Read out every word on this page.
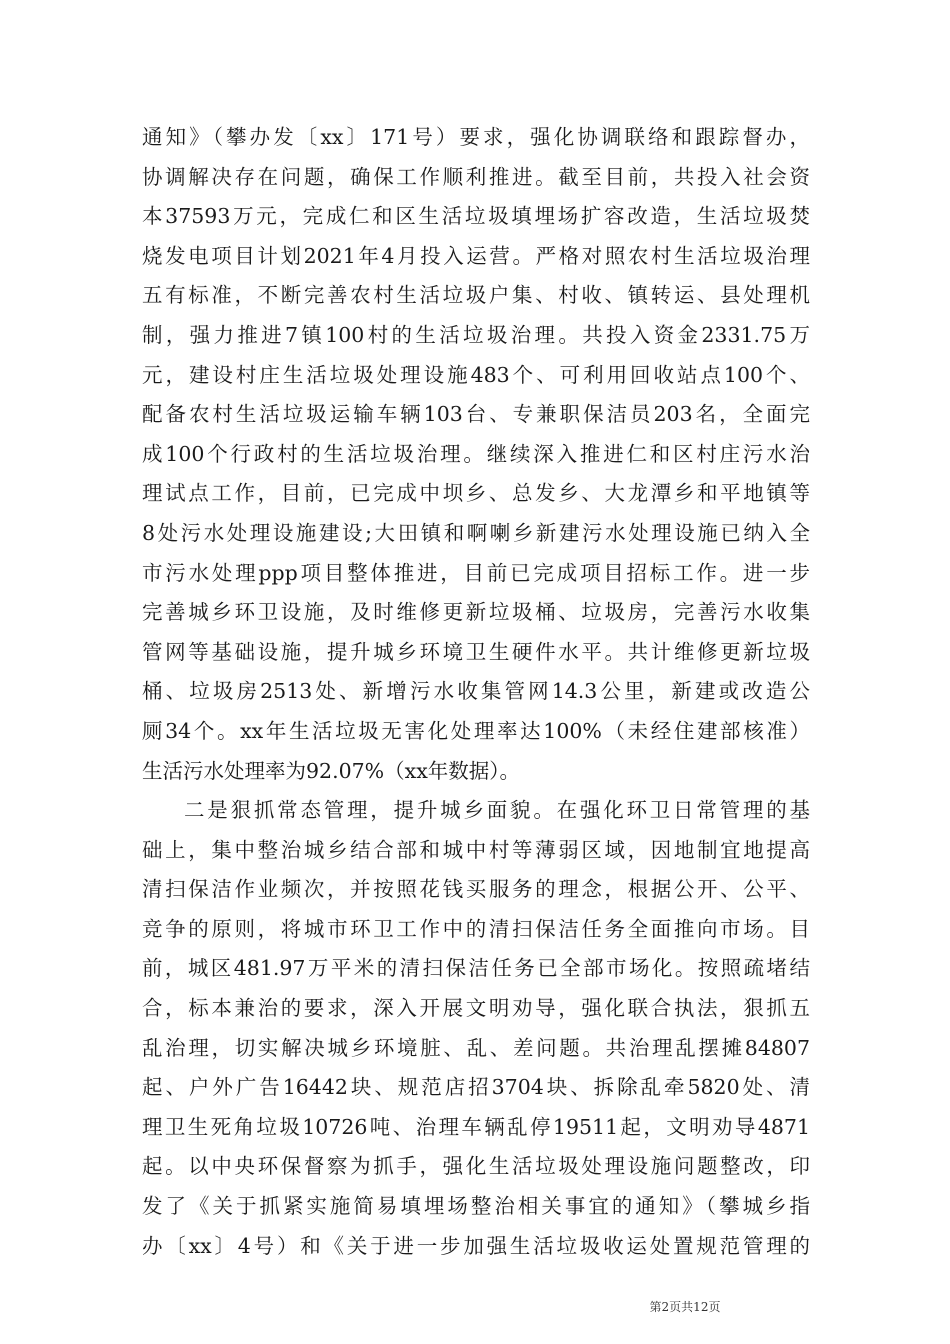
通知》（攀办发〔xx〕171号）要求，强化协调联络和跟踪督办，
协调解决存在问题，确保工作顺利推进。截至目前，共投入社会资
本37593万元，完成仁和区生活垃圾填埋场扩容改造，生活垃圾焚
烧发电项目计划2021年4月投入运营。严格对照农村生活垃圾治理
五有标准，不断完善农村生活垃圾户集、村收、镇转运、县处理机
制，强力推进7镇100村的生活垃圾治理。共投入资金2331.75万
元，建设村庄生活垃圾处理设施483个、可利用回收站点100个、
配备农村生活垃圾运输车辆103台、专兼职保洁员203名，全面完
成100个行政村的生活垃圾治理。继续深入推进仁和区村庄污水治
理试点工作，目前，已完成中坝乡、总发乡、大龙潭乡和平地镇等
8处污水处理设施建设;大田镇和啊喇乡新建污水处理设施已纳入全
市污水处理ppp项目整体推进，目前已完成项目招标工作。进一步
完善城乡环卫设施，及时维修更新垃圾桶、垃圾房，完善污水收集
管网等基础设施，提升城乡环境卫生硬件水平。共计维修更新垃圾
桶、垃圾房2513处、新增污水收集管网14.3公里，新建或改造公
厕34个。xx年生活垃圾无害化处理率达100%（未经住建部核准）
生活污水处理率为92.07%（xx年数据）。
二是狠抓常态管理，提升城乡面貌。在强化环卫日常管理的基
础上，集中整治城乡结合部和城中村等薄弱区域，因地制宜地提高
清扫保洁作业频次，并按照花钱买服务的理念，根据公开、公平、
竞争的原则，将城市环卫工作中的清扫保洁任务全面推向市场。目
前，城区481.97万平米的清扫保洁任务已全部市场化。按照疏堵结
合，标本兼治的要求，深入开展文明劝导，强化联合执法，狠抓五
乱治理，切实解决城乡环境脏、乱、差问题。共治理乱摆摊84807
起、户外广告16442块、规范店招3704块、拆除乱牵5820处、清
理卫生死角垃圾10726吨、治理车辆乱停19511起，文明劝导4871
起。以中央环保督察为抓手，强化生活垃圾处理设施问题整改，印
发了《关于抓紧实施简易填埋场整治相关事宜的通知》（攀城乡指
办〔xx〕4号）和《关于进一步加强生活垃圾收运处置规范管理的
第2页共12页
